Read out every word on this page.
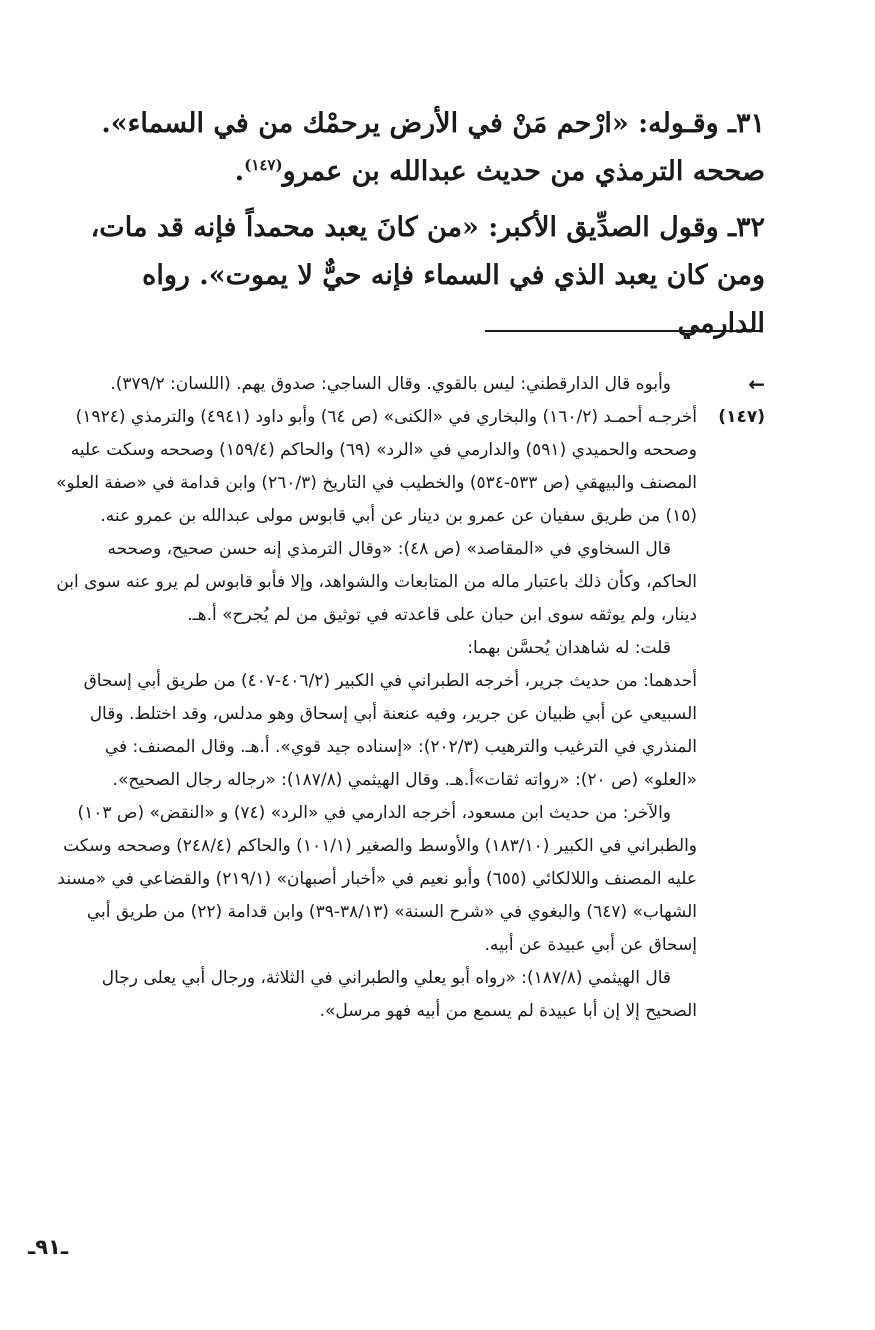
٣١ـ وقـوله: «ارْحم مَنْ في الأرض يرحمْك من في السماء». صححه الترمذي من حديث عبدالله بن عمرو$^{(١٤٧)}$.

٣٢ـ وقول الصدِّيق الأكبر: «من كانَ يعبد محمداً فإنه قد مات، ومن كان يعبد الذي في السماء فإنه حيٌّ لا يموت». رواه الدارمي

←

وأبوه قال الدارقطني: ليس بالقوي. وقال الساجي: صدوق يهم. (اللسان: ٣٧٩/٢).

(١٤٧)

أخرجـه أحمـد (١٦٠/٢) والبخاري في «الكنى» (ص ٦٤) وأبو داود (٤٩٤١) والترمذي (١٩٢٤) وصححه والحميدي (٥٩١) والدارمي في «الرد» (٦٩) والحاكم (١٥٩/٤) وصححه وسكت عليه المصنف والبيهقي (ص ٥٣٣-٥٣٤) والخطيب في التاريخ (٢٦٠/٣) وابن قدامة في «صفة العلو» (١٥) من طريق سفيان عن عمرو بن دينار عن أبي قابوس مولى عبدالله بن عمرو عنه.

قال السخاوي في «المقاصد» (ص ٤٨): «وقال الترمذي إنه حسن صحيح، وصححه الحاكم، وكأن ذلك باعتبار ماله من المتابعات والشواهد، وإلا فأبو قابوس لم يرو عنه سوى ابن دينار، ولم يوثقه سوى ابن حبان على قاعدته في توثيق من لم يُجرح» أ.هـ.

قلت: له شاهدان يُحسَّن بهما:

أحدهما: من حديث جرير، أخرجه الطبراني في الكبير (٤٠٦/٢-٤٠٧) من طريق أبي إسحاق السبيعي عن أبي ظبيان عن جرير، وفيه عنعنة أبي إسحاق وهو مدلس، وقد اختلط. وقال المنذري في الترغيب والترهيب (٢٠٢/٣): «إسناده جيد قوي». أ.هـ. وقال المصنف: في «العلو» (ص ٢٠): «رواته ثقات»أ.هـ. وقال الهيثمي (١٨٧/٨): «رجاله رجال الصحيح».

والآخر: من حديث ابن مسعود، أخرجه الدارمي في «الرد» (٧٤) و «النقض» (ص ١٠٣) والطبراني في الكبير (١٨٣/١٠) والأوسط والصغير (١٠١/١) والحاكم (٢٤٨/٤) وصححه وسكت عليه المصنف واللالكائي (٦٥٥) وأبو نعيم في «أخبار أصبهان» (٢١٩/١) والقضاعي في «مسند الشهاب» (٦٤٧) والبغوي في «شرح السنة» (٣٨/١٣-٣٩) وابن قدامة (٢٢) من طريق أبي إسحاق عن أبي عبيدة عن أبيه.

قال الهيثمي (١٨٧/٨): «رواه أبو يعلي والطبراني في الثلاثة، ورجال أبي يعلى رجال الصحيح إلا إن أبا عبيدة لم يسمع من أبيه فهو مرسل».

ـ٩١ـ
